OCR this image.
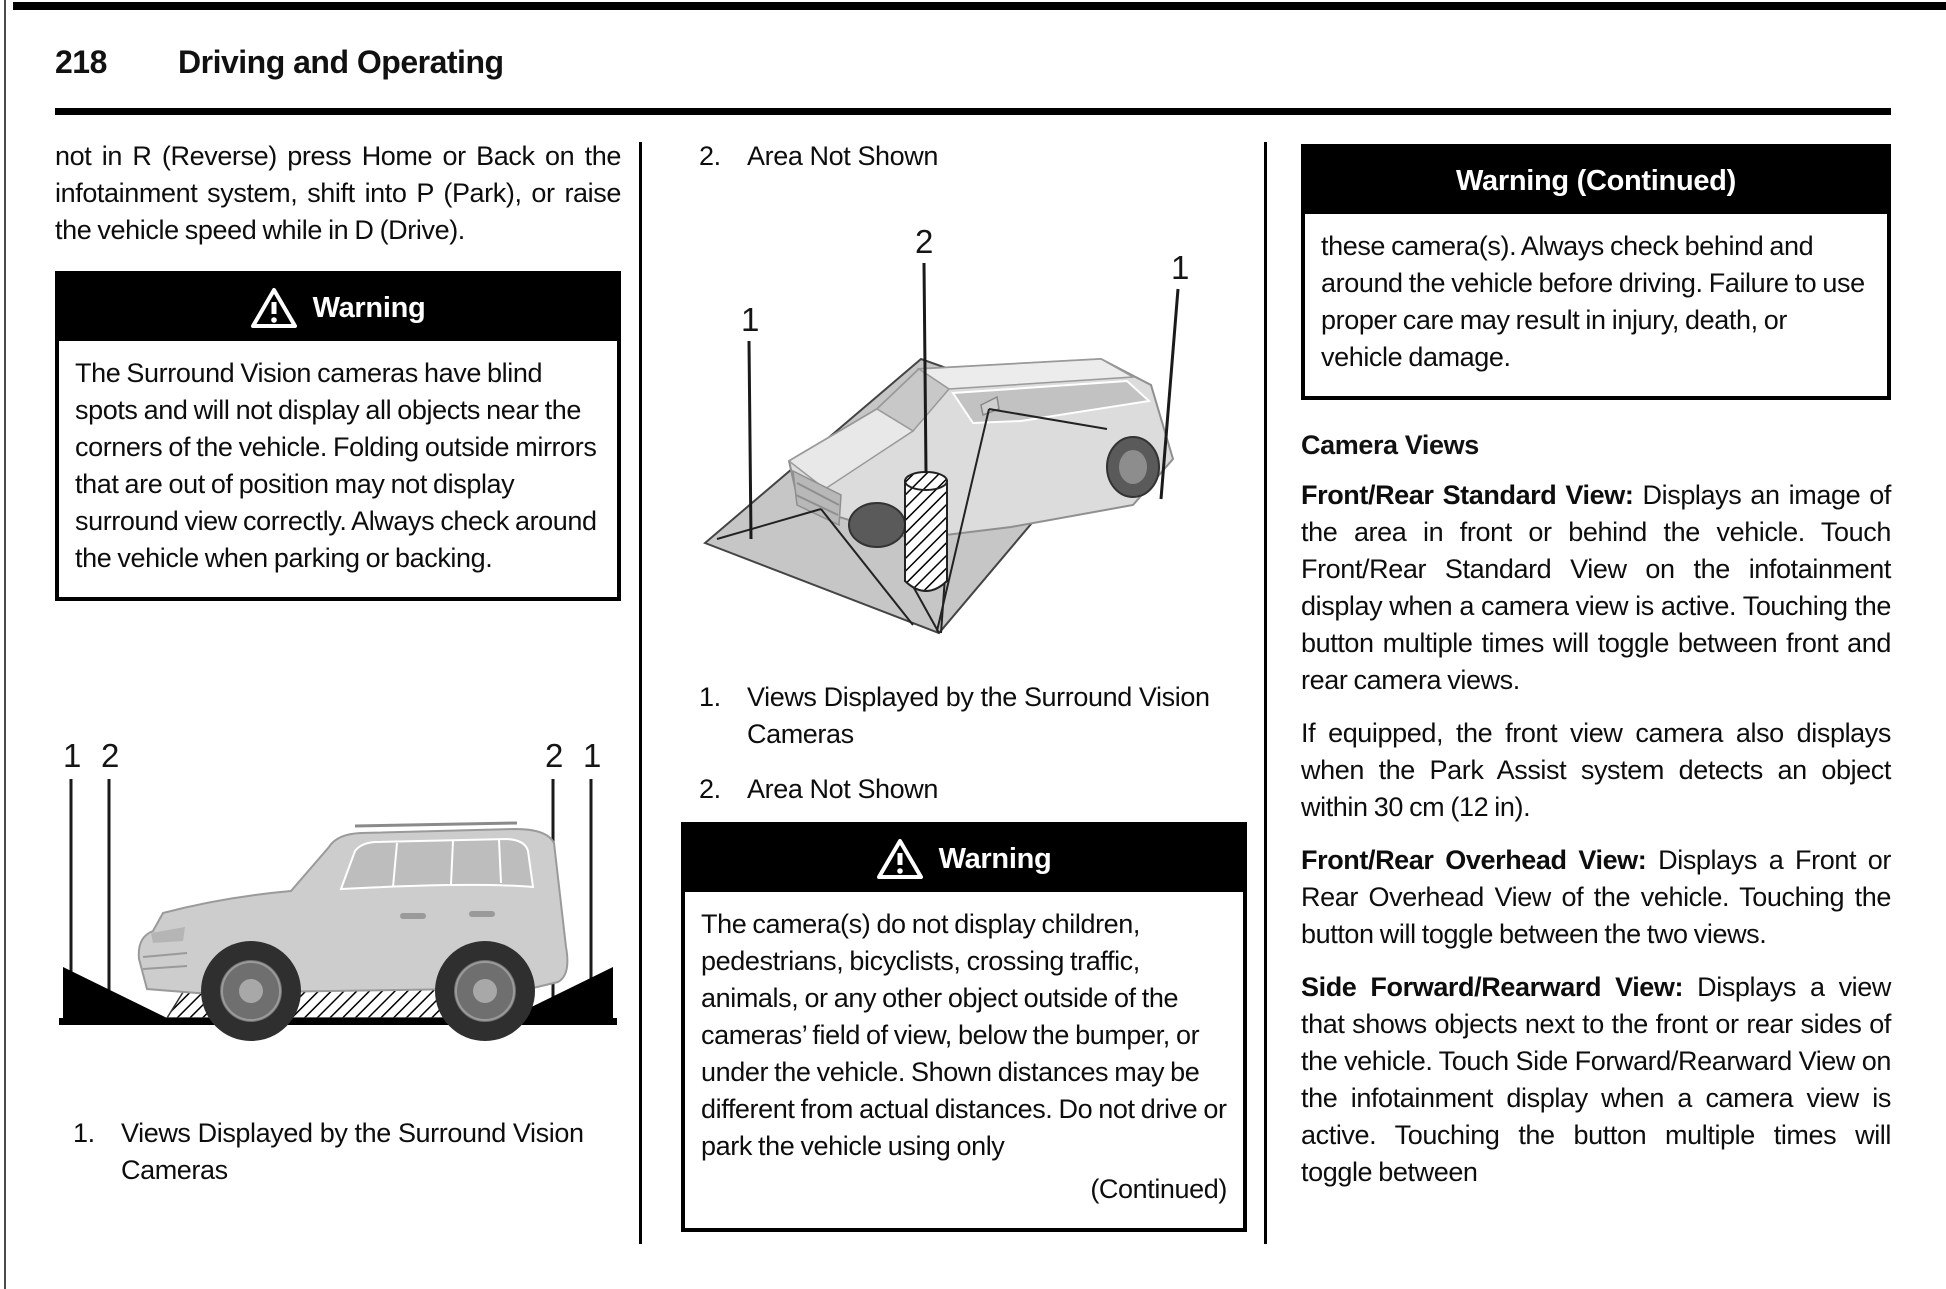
218 Driving and Operating

not in R (Reverse) press Home or Back on the infotainment system, shift into P (Park), or raise the vehicle speed while in D (Drive).

Warning
The Surround Vision cameras have blind spots and will not display all objects near the corners of the vehicle. Folding outside mirrors that are out of position may not display surround view correctly. Always check around the vehicle when parking or backing.
1 2	2 1
1. Views Displayed by the Surround Vision Cameras
2. Area Not Shown
1
2
1
1. Views Displayed by the Surround Vision Cameras
2. Area Not Shown
Warning
The camera(s) do not display children, pedestrians, bicyclists, crossing traffic, animals, or any other object outside of the cameras’ field of view, below the bumper, or under the vehicle. Shown distances may be different from actual distances. Do not drive or park the vehicle using only
(Continued)
Warning (Continued)
these camera(s). Always check behind and around the vehicle before driving. Failure to use proper care may result in injury, death, or vehicle damage.

Camera Views

Front/Rear Standard View: Displays an image of the area in front or behind the vehicle. Touch Front/Rear Standard View on the infotainment display when a camera view is active. Touching the button multiple times will toggle between front and rear camera views.

If equipped, the front view camera also displays when the Park Assist system detects an object within 30 cm (12 in).

Front/Rear Overhead View: Displays a Front or Rear Overhead View of the vehicle. Touching the button will toggle between the two views.

Side Forward/Rearward View: Displays a view that shows objects next to the front or rear sides of the vehicle. Touch Side Forward/Rearward View on the infotainment display when a camera view is active. Touching the button multiple times will toggle between
